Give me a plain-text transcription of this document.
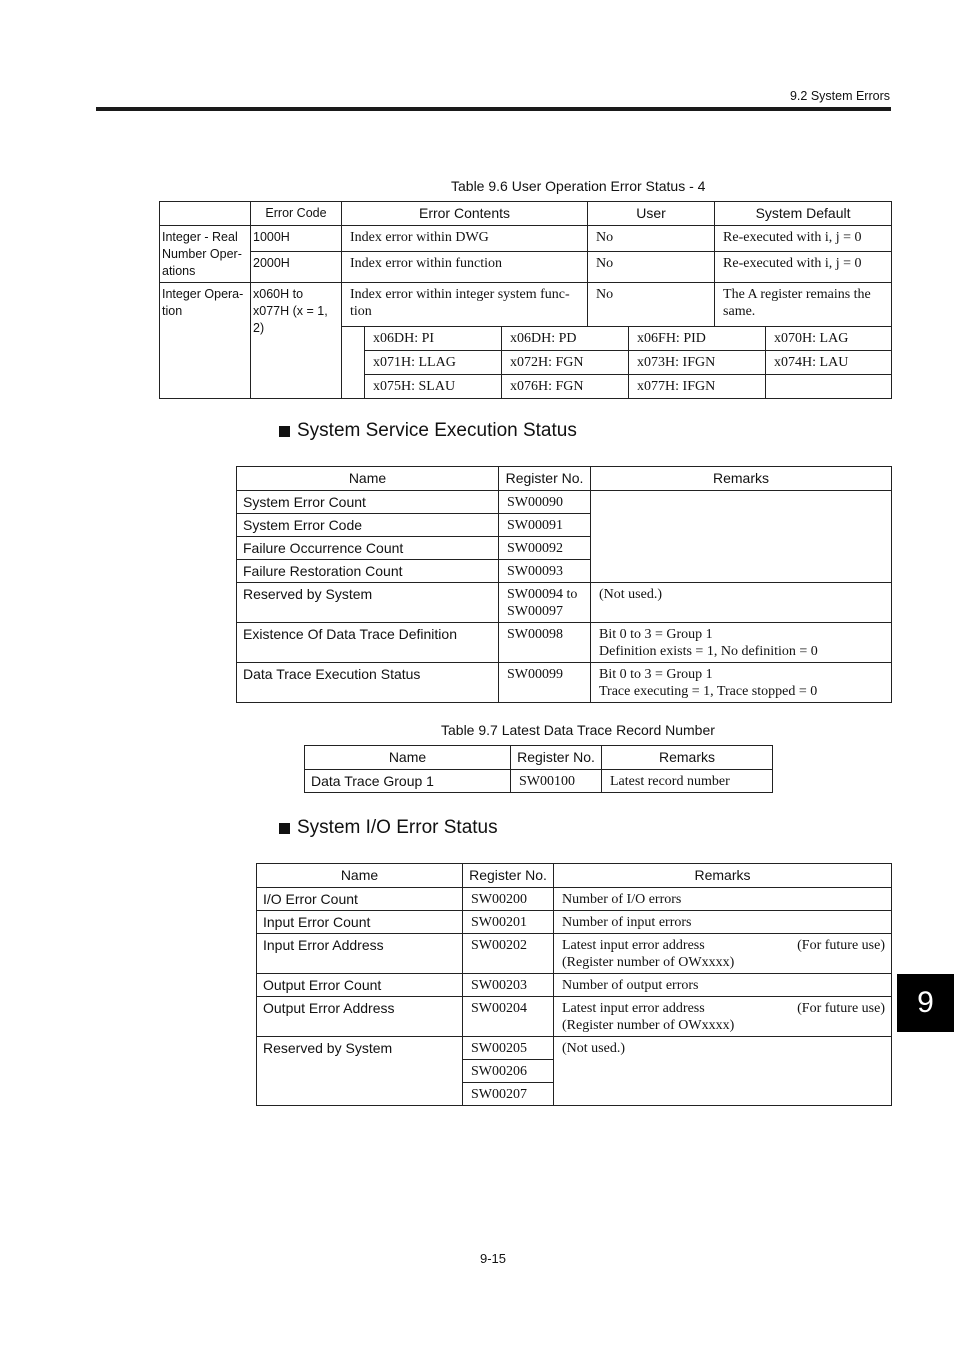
9.2 System Errors
Table 9.6 User Operation Error Status - 4
	Error Code	Error Contents			User		System Default	
Integer - Real Number Oper-ations	1000H	Index error within DWG			No		Re-executed with i, j = 0	
	2000H	Index error within function			No		Re-executed with i, j = 0	
Integer Opera-tion	x060H to x077H (x = 1, 2)	Index error within integer system func-tion			No		The A register remains the same.	
			x06DH: PI	x06DH: PD		x06FH: PID		x070H: LAG
			x071H: LLAG	x072H: FGN		x073H: IFGN		x074H: LAU
			x075H: SLAU	x076H: FGN		x077H: IFGN		
System Service Execution Status
Name	Register No.	Remarks
System Error Count	SW00090	
System Error Code	SW00091	
Failure Occurrence Count	SW00092	
Failure Restoration Count	SW00093	
Reserved by System	SW00094 to SW00097	(Not used.)
Existence Of Data Trace Definition	SW00098	Bit 0 to 3 = Group 1
Definition exists = 1, No definition = 0

Data Trace Execution Status	SW00099	Bit 0 to 3 = Group 1
Trace executing = 1, Trace stopped = 0
Table 9.7 Latest Data Trace Record Number
Name	Register No.	Remarks
Data Trace Group 1	SW00100	Latest record number
System I/O Error Status
Name	Register No.	Remarks
I/O Error Count	SW00200	Number of I/O errors
Input Error Count	SW00201	Number of input errors
Input Error Address	SW00202	Latest input error address (For future use)
(Register number of OWxxxx)

Output Error Count	SW00203	Number of output errors
Output Error Address	SW00204	Latest input error address (For future use)
(Register number of OWxxxx)

Reserved by System	SW00205	(Not used.)
	SW00206	
	SW00207	
9
9-15
